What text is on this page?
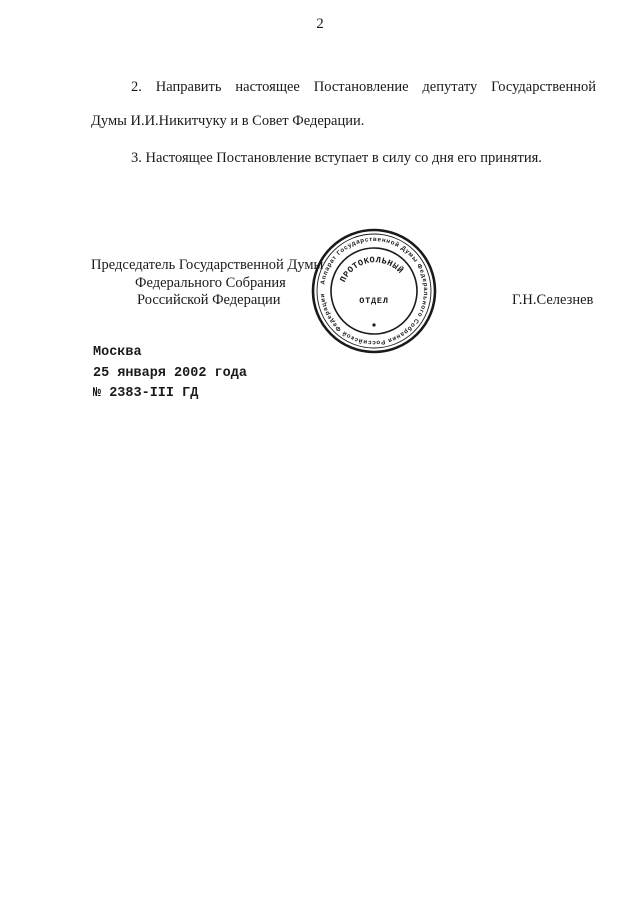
2
2. Направить настоящее Постановление депутату Государственной
Думы И.И.Никитчуку и в Совет Федерации.
3. Настоящее Постановление вступает в силу со дня его принятия.
Председатель Государственной Думы
Федерального Собрания
Российской Федерации	Г.Н.Селезнев
Аппарат Государственной Думы Федерального Собрания Российской Федерации
ПРОТОКОЛЬНЫЙ
ОТДЕЛ
Москва
25 января 2002 года
№ 2383-III ГД
